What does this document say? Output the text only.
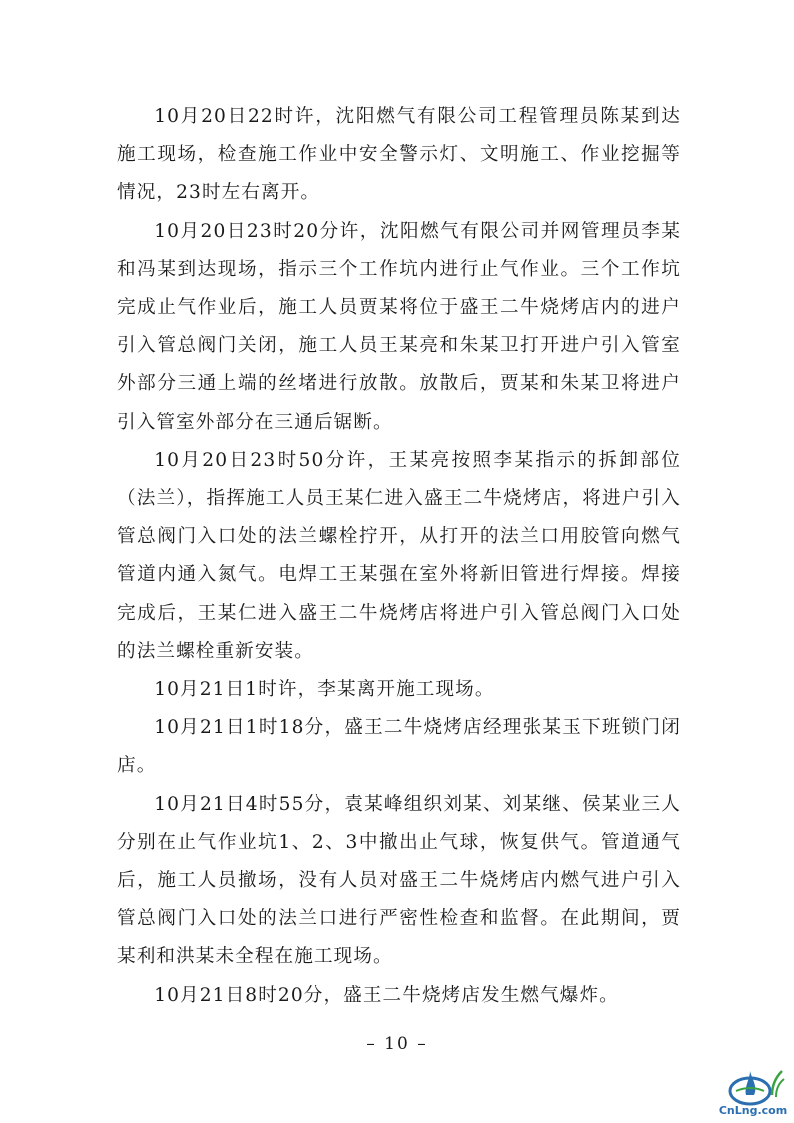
10月20日22时许，沈阳燃气有限公司工程管理员陈某到达施工现场，检查施工作业中安全警示灯、文明施工、作业挖掘等情况，23时左右离开。

10月20日23时20分许，沈阳燃气有限公司并网管理员李某和冯某到达现场，指示三个工作坑内进行止气作业。三个工作坑完成止气作业后，施工人员贾某将位于盛王二牛烧烤店内的进户引入管总阀门关闭，施工人员王某亮和朱某卫打开进户引入管室外部分三通上端的丝堵进行放散。放散后，贾某和朱某卫将进户引入管室外部分在三通后锯断。

10月20日23时50分许，王某亮按照李某指示的拆卸部位（法兰），指挥施工人员王某仁进入盛王二牛烧烤店，将进户引入管总阀门入口处的法兰螺栓拧开，从打开的法兰口用胶管向燃气管道内通入氮气。电焊工王某强在室外将新旧管进行焊接。焊接完成后，王某仁进入盛王二牛烧烤店将进户引入管总阀门入口处的法兰螺栓重新安装。

10月21日1时许，李某离开施工现场。

10月21日1时18分，盛王二牛烧烤店经理张某玉下班锁门闭店。

10月21日4时55分，袁某峰组织刘某、刘某继、侯某业三人分别在止气作业坑1、2、3中撤出止气球，恢复供气。管道通气后，施工人员撤场，没有人员对盛王二牛烧烤店内燃气进户引入管总阀门入口处的法兰口进行严密性检查和监督。在此期间，贾某利和洪某未全程在施工现场。

10月21日8时20分，盛王二牛烧烤店发生燃气爆炸。

– 10 –
CnLng.com
